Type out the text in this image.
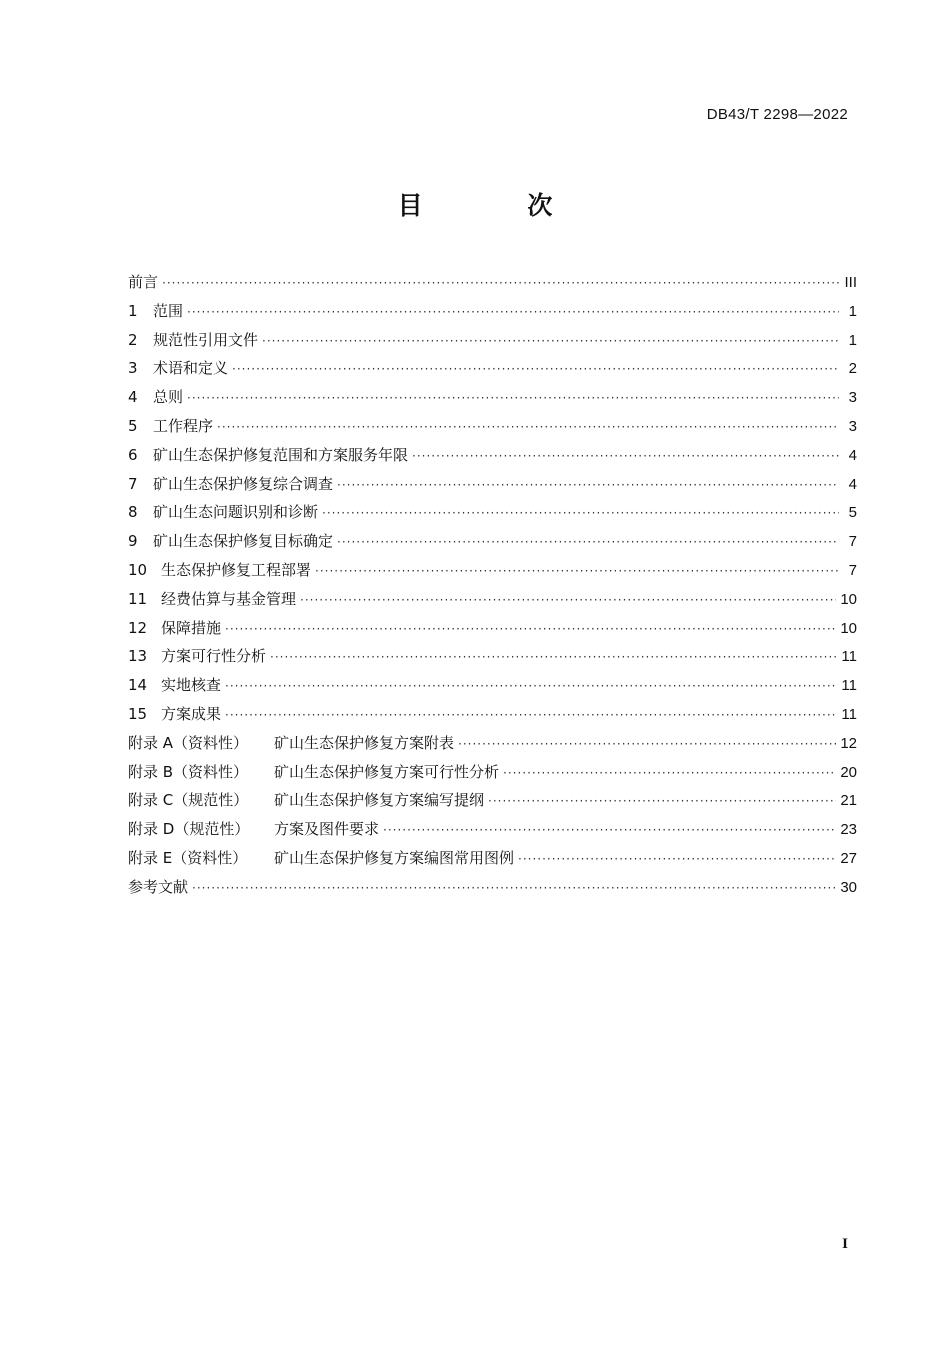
DB43/T 2298—2022
目 次
前言 ·····	III
1	范围 ·····	1
2	规范性引用文件 ·····	1
3	术语和定义 ·····	2
4	总则 ·····	3
5	工作程序 ·····	3
6	矿山生态保护修复范围和方案服务年限 ·····	4
7	矿山生态保护修复综合调查 ·····	4
8	矿山生态问题识别和诊断 ·····	5
9	矿山生态保护修复目标确定 ·····	7
10 生态保护修复工程部署 ·····	7
11 经费估算与基金管理 ·····	10
12 保障措施 ·····	10
13 方案可行性分析 ·····	11
14 实地核查 ·····	11
15 方案成果 ·····	11
附录 A（资料性）	矿山生态保护修复方案附表 ·····	12
附录 B（资料性）	矿山生态保护修复方案可行性分析 ·····	20
附录 C（规范性）	矿山生态保护修复方案编写提纲 ·····	21
附录 D（规范性）	方案及图件要求 ·····	23
附录 E（资料性）	矿山生态保护修复方案编图常用图例 ·····	27
参考文献 ·····	30
I
